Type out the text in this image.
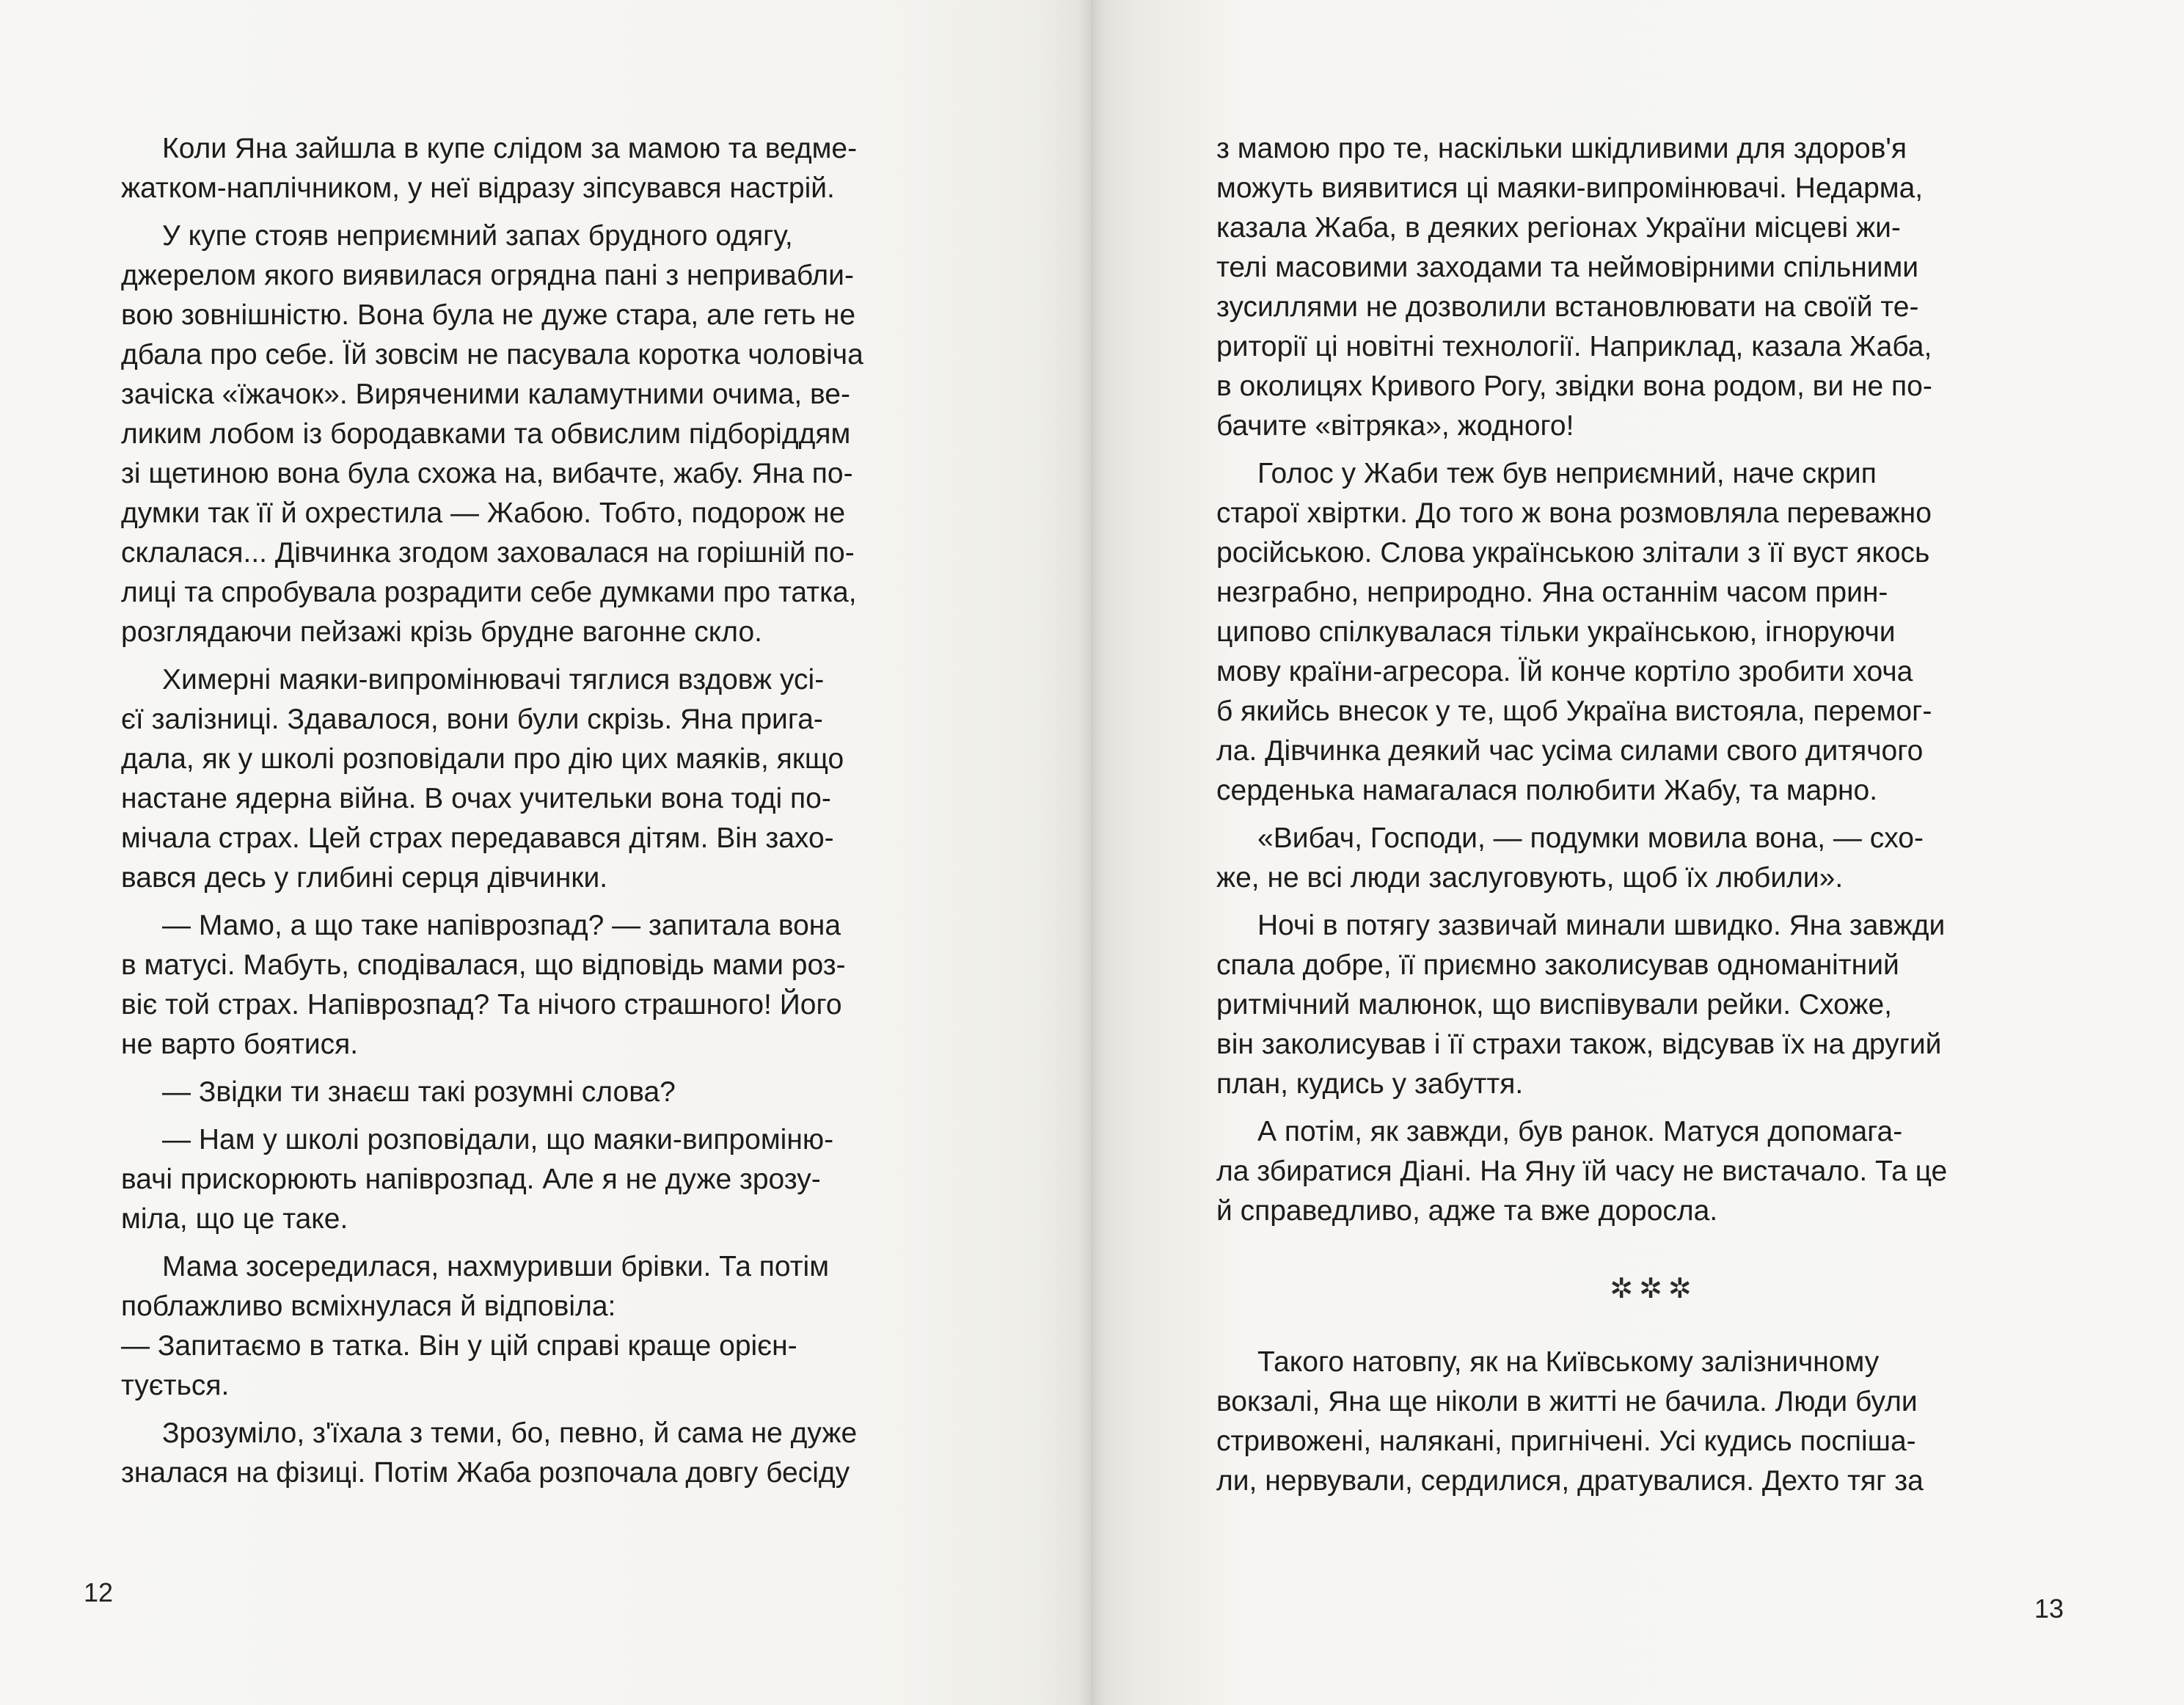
Коли Яна зайшла в купе слідом за мамою та ведме-
жатком-наплічником, у неї відразу зіпсувався настрій.

У купе стояв неприємний запах брудного одягу,
джерелом якого виявилася огрядна пані з непривабли-
вою зовнішністю. Вона була не дуже стара, але геть не
дбала про себе. Їй зовсім не пасувала коротка чоловіча
зачіска «їжачок». Виряченими каламутними очима, ве-
ликим лобом із бородавками та обвислим підборіддям
зі щетиною вона була схожа на, вибачте, жабу. Яна по-
думки так її й охрестила — Жабою. Тобто, подорож не
склалася... Дівчинка згодом заховалася на горішній по-
лиці та спробувала розрадити себе думками про татка,
розглядаючи пейзажі крізь брудне вагонне скло.

Химерні маяки-випромінювачі тяглися вздовж усі-
єї залізниці. Здавалося, вони були скрізь. Яна прига-
дала, як у школі розповідали про дію цих маяків, якщо
настане ядерна війна. В очах учительки вона тоді по-
мічала страх. Цей страх передавався дітям. Він захо-
вався десь у глибині серця дівчинки.

— Мамо, а що таке напіврозпад? — запитала вона
в матусі. Мабуть, сподівалася, що відповідь мами роз-
віє той страх. Напіврозпад? Та нічого страшного! Його
не варто боятися.

— Звідки ти знаєш такі розумні слова?

— Нам у школі розповідали, що маяки-випроміню-
вачі прискорюють напіврозпад. Але я не дуже зрозу-
міла, що це таке.

Мама зосередилася, нахмуривши брівки. Та потім
поблажливо всміхнулася й відповіла:
— Запитаємо в татка. Він у цій справі краще орієн-
тується.

Зрозуміло, з'їхала з теми, бо, певно, й сама не дуже
зналася на фізиці. Потім Жаба розпочала довгу бесіду

12

з мамою про те, наскільки шкідливими для здоров'я
можуть виявитися ці маяки-випромінювачі. Недарма,
казала Жаба, в деяких регіонах України місцеві жи-
телі масовими заходами та неймовірними спільними
зусиллями не дозволили встановлювати на своїй те-
риторії ці новітні технології. Наприклад, казала Жаба,
в околицях Кривого Рогу, звідки вона родом, ви не по-
бачите «вітряка», жодного!

Голос у Жаби теж був неприємний, наче скрип
старої хвіртки. До того ж вона розмовляла переважно
російською. Слова українською злітали з її вуст якось
незграбно, неприродно. Яна останнім часом прин-
ципово спілкувалася тільки українською, ігноруючи
мову країни-агресора. Їй конче кортіло зробити хоча
б якийсь внесок у те, щоб Україна вистояла, перемог-
ла. Дівчинка деякий час усіма силами свого дитячого
серденька намагалася полюбити Жабу, та марно.

«Вибач, Господи, — подумки мовила вона, — схо-
же, не всі люди заслуговують, щоб їх любили».

Ночі в потягу зазвичай минали швидко. Яна завжди
спала добре, її приємно заколисував одноманітний
ритмічний малюнок, що виспівували рейки. Схоже,
він заколисував і її страхи також, відсував їх на другий
план, кудись у забуття.

А потім, як завжди, був ранок. Матуся допомага-
ла збиратися Діані. На Яну їй часу не вистачало. Та це
й справедливо, адже та вже доросла.

✲✲✲

Такого натовпу, як на Київському залізничному
вокзалі, Яна ще ніколи в житті не бачила. Люди були
стривожені, налякані, пригнічені. Усі кудись поспіша-
ли, нервували, сердилися, дратувалися. Дехто тяг за

13
